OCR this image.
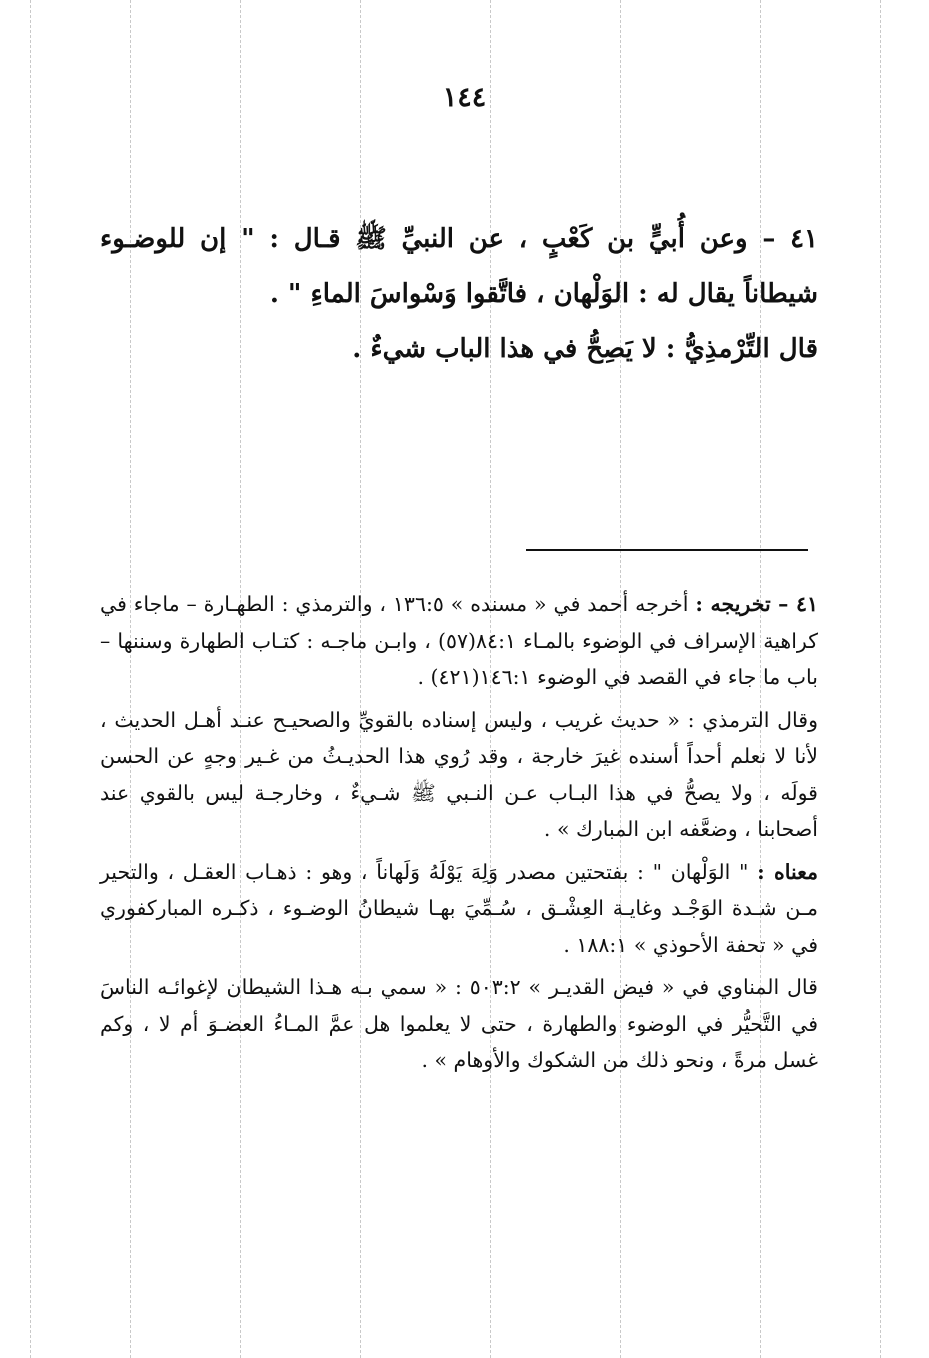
١٤٤

٤١ – وعن أُبيٍّ بن كَعْبٍ ، عن النبيِّ ﷺ قـال : " إن للوضـوء شيطاناً يقال له : الوَلْهان ، فاتَّقوا وَسْواسَ الماءِ " .

قال التِّرْمذِيُّ : لا يَصِحُّ في هذا الباب شيءٌ .

٤١ – تخريجه : أخرجه أحمد في « مسنده » ١٣٦:٥ ، والترمذي : الطهـارة – ماجاء في كراهية الإسراف في الوضوء بالمـاء ٨٤:١(٥٧) ، وابـن ماجـه : كتـاب الطهارة وسننها – باب ما جاء في القصد في الوضوء ١٤٦:١(٤٢١) .

وقال الترمذي : « حديث غريب ، وليس إسناده بالقويِّ والصحيـح عنـد أهـل الحديث ، لأنا لا نعلم أحداً أسنده غيرَ خارجة ، وقد رُوي هذا الحديـثُ من غـير وجهٍ عن الحسن قولَه ، ولا يصحُّ في هذا البـاب عـن النـبي ﷺ شـيءٌ ، وخارجـة ليس بالقوي عند أصحابنا ، وضعَّفه ابن المبارك » .

معناه : " الوَلْهان " : بفتحتين مصدر وَلِهَ يَوْلَهُ وَلَهاناً ، وهو : ذهـاب العقـل ، والتحير مـن شـدة الوَجْـد وغايـة العِشْـق ، سُـمِّيَ بهـا شيطانُ الوضـوء ، ذكـره المباركفوري في « تحفة الأحوذي » ١٨٨:١ .

قال المناوي في « فيض القديـر » ٥٠٣:٢ : « سمي بـه هـذا الشيطان لإغوائـه الناسَ في التَّحيُّر في الوضوء والطهارة ، حتى لا يعلموا هل عمَّ المـاءُ العضـوَ أم لا ، وكم غسل مرةً ، ونحو ذلك من الشكوك والأوهام » .
